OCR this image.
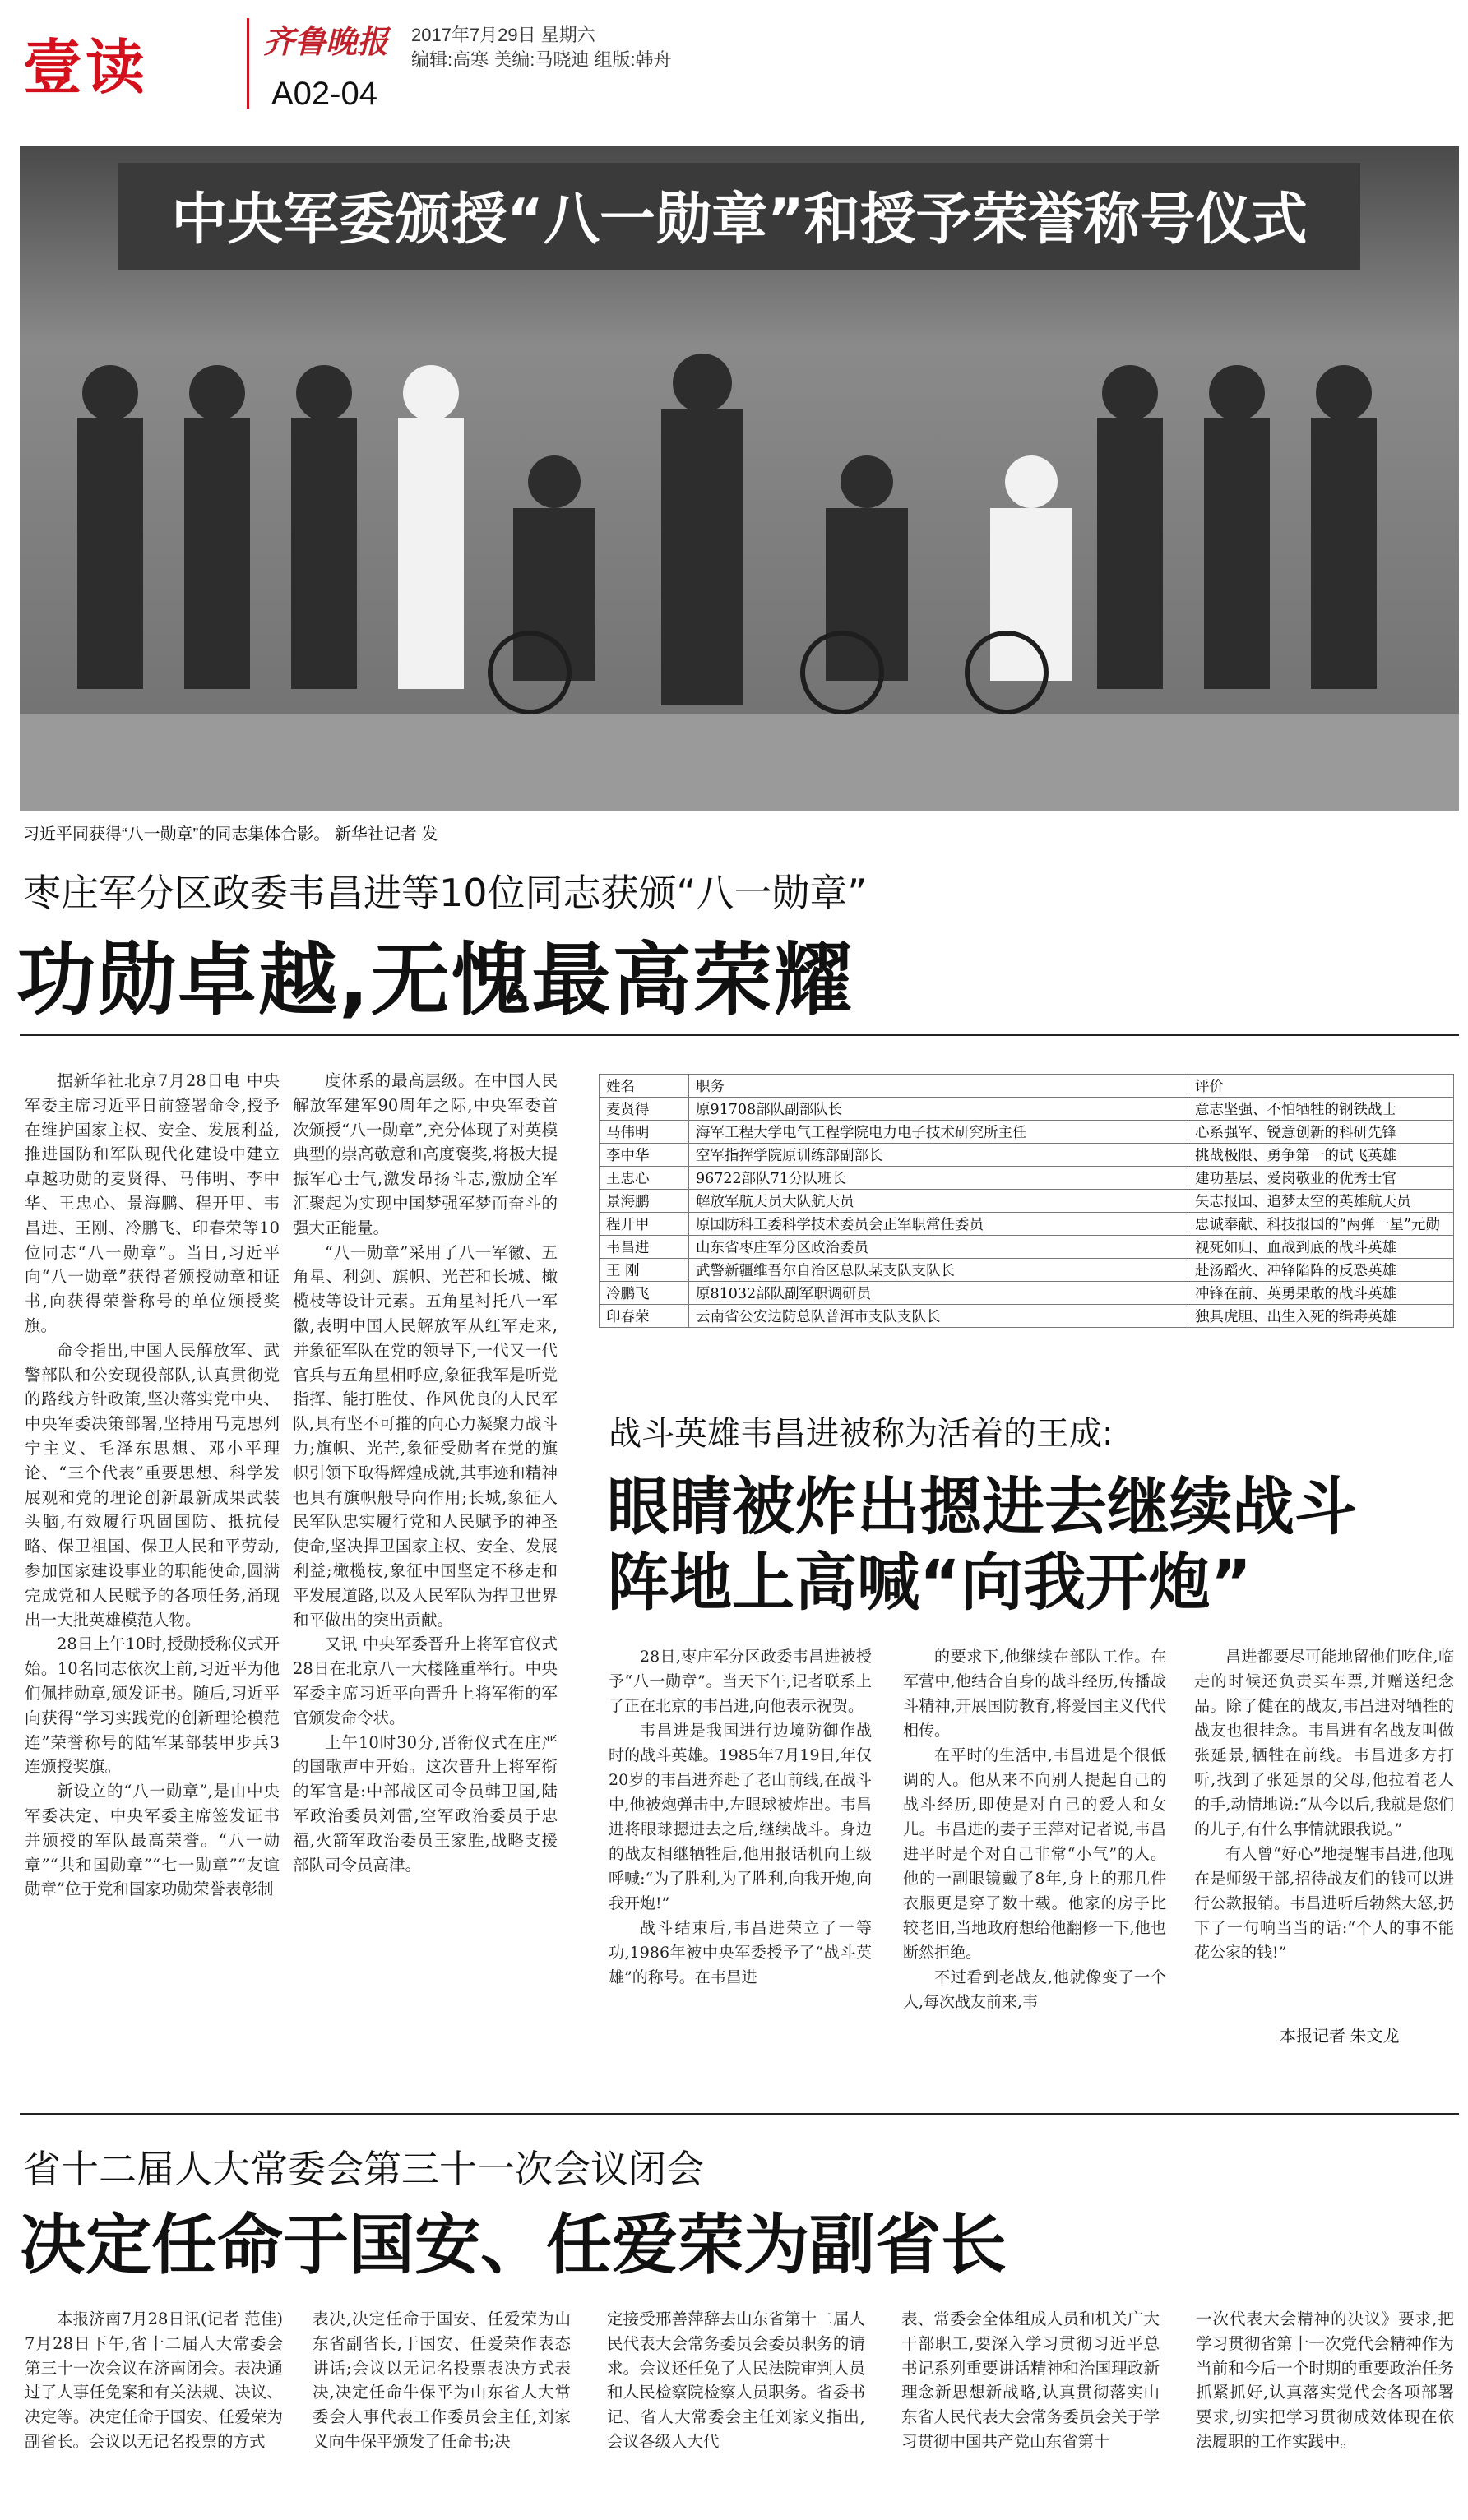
壹读	齐鲁晚报 2017年7月29日 星期六
编辑:高寒 美编:马晓迪 组版:韩舟
A02-04
中央军委颁授“八一勋章”和授予荣誉称号仪式
习近平同获得“八一勋章”的同志集体合影。 新华社记者 发
枣庄军分区政委韦昌进等10位同志获颁“八一勋章”
功勋卓越,无愧最高荣耀

据新华社北京7月28日电 中央军委主席习近平日前签署命令,授予在维护国家主权、安全、发展利益,推进国防和军队现代化建设中建立卓越功勋的麦贤得、马伟明、李中华、王忠心、景海鹏、程开甲、韦昌进、王刚、冷鹏飞、印春荣等10位同志“八一勋章”。当日,习近平向“八一勋章”获得者颁授勋章和证书,向获得荣誉称号的单位颁授奖旗。

命令指出,中国人民解放军、武警部队和公安现役部队,认真贯彻党的路线方针政策,坚决落实党中央、中央军委决策部署,坚持用马克思列宁主义、毛泽东思想、邓小平理论、“三个代表”重要思想、科学发展观和党的理论创新最新成果武装头脑,有效履行巩固国防、抵抗侵略、保卫祖国、保卫人民和平劳动,参加国家建设事业的职能使命,圆满完成党和人民赋予的各项任务,涌现出一大批英雄模范人物。

28日上午10时,授勋授称仪式开始。10名同志依次上前,习近平为他们佩挂勋章,颁发证书。随后,习近平向获得“学习实践党的创新理论模范连”荣誉称号的陆军某部装甲步兵3连颁授奖旗。

新设立的“八一勋章”,是由中央军委决定、中央军委主席签发证书并颁授的军队最高荣誉。“八一勋章”“共和国勋章”“七一勋章”“友谊勋章”位于党和国家功勋荣誉表彰制

度体系的最高层级。在中国人民解放军建军90周年之际,中央军委首次颁授“八一勋章”,充分体现了对英模典型的崇高敬意和高度褒奖,将极大提振军心士气,激发昂扬斗志,激励全军汇聚起为实现中国梦强军梦而奋斗的强大正能量。

“八一勋章”采用了八一军徽、五角星、利剑、旗帜、光芒和长城、橄榄枝等设计元素。五角星衬托八一军徽,表明中国人民解放军从红军走来,并象征军队在党的领导下,一代又一代官兵与五角星相呼应,象征我军是听党指挥、能打胜仗、作风优良的人民军队,具有坚不可摧的向心力凝聚力战斗力;旗帜、光芒,象征受勋者在党的旗帜引领下取得辉煌成就,其事迹和精神也具有旗帜般导向作用;长城,象征人民军队忠实履行党和人民赋予的神圣使命,坚决捍卫国家主权、安全、发展利益;橄榄枝,象征中国坚定不移走和平发展道路,以及人民军队为捍卫世界和平做出的突出贡献。

又讯 中央军委晋升上将军官仪式28日在北京八一大楼隆重举行。中央军委主席习近平向晋升上将军衔的军官颁发命令状。

上午10时30分,晋衔仪式在庄严的国歌声中开始。这次晋升上将军衔的军官是:中部战区司令员韩卫国,陆军政治委员刘雷,空军政治委员于忠福,火箭军政治委员王家胜,战略支援部队司令员高津。

姓名	职务	评价
麦贤得	原91708部队副部队长	意志坚强、不怕牺牲的钢铁战士
马伟明	海军工程大学电气工程学院电力电子技术研究所主任	心系强军、锐意创新的科研先锋
李中华	空军指挥学院原训练部副部长	挑战极限、勇争第一的试飞英雄
王忠心	96722部队71分队班长	建功基层、爱岗敬业的优秀士官
景海鹏	解放军航天员大队航天员	矢志报国、追梦太空的英雄航天员
程开甲	原国防科工委科学技术委员会正军职常任委员	忠诚奉献、科技报国的“两弹一星”元勋
韦昌进	山东省枣庄军分区政治委员	视死如归、血战到底的战斗英雄
王 刚	武警新疆维吾尔自治区总队某支队支队长	赴汤蹈火、冲锋陷阵的反恐英雄
冷鹏飞	原81032部队副军职调研员	冲锋在前、英勇果敢的战斗英雄
印春荣	云南省公安边防总队普洱市支队支队长	独具虎胆、出生入死的缉毒英雄
战斗英雄韦昌进被称为活着的王成:
眼睛被炸出摁进去继续战斗
阵地上高喊“向我开炮”

28日,枣庄军分区政委韦昌进被授予“八一勋章”。当天下午,记者联系上了正在北京的韦昌进,向他表示祝贺。

韦昌进是我国进行边境防御作战时的战斗英雄。1985年7月19日,年仅20岁的韦昌进奔赴了老山前线,在战斗中,他被炮弹击中,左眼球被炸出。韦昌进将眼球摁进去之后,继续战斗。身边的战友相继牺牲后,他用报话机向上级呼喊:“为了胜利,为了胜利,向我开炮,向我开炮!”

战斗结束后,韦昌进荣立了一等功,1986年被中央军委授予了“战斗英雄”的称号。在韦昌进

的要求下,他继续在部队工作。在军营中,他结合自身的战斗经历,传播战斗精神,开展国防教育,将爱国主义代代相传。

在平时的生活中,韦昌进是个很低调的人。他从来不向别人提起自己的战斗经历,即使是对自己的爱人和女儿。韦昌进的妻子王萍对记者说,韦昌进平时是个对自己非常“小气”的人。他的一副眼镜戴了8年,身上的那几件衣服更是穿了数十载。他家的房子比较老旧,当地政府想给他翻修一下,他也断然拒绝。

不过看到老战友,他就像变了一个人,每次战友前来,韦

昌进都要尽可能地留他们吃住,临走的时候还负责买车票,并赠送纪念品。除了健在的战友,韦昌进对牺牲的战友也很挂念。韦昌进有名战友叫做张延景,牺牲在前线。韦昌进多方打听,找到了张延景的父母,他拉着老人的手,动情地说:“从今以后,我就是您们的儿子,有什么事情就跟我说。”

有人曾“好心”地提醒韦昌进,他现在是师级干部,招待战友们的钱可以进行公款报销。韦昌进听后勃然大怒,扔下了一句响当当的话:“个人的事不能花公家的钱!”

本报记者 朱文龙
省十二届人大常委会第三十一次会议闭会
决定任命于国安、任爱荣为副省长

本报济南7月28日讯(记者 范佳) 7月28日下午,省十二届人大常委会第三十一次会议在济南闭会。表决通过了人事任免案和有关法规、决议、决定等。决定任命于国安、任爱荣为副省长。会议以无记名投票的方式

表决,决定任命于国安、任爱荣为山东省副省长,于国安、任爱荣作表态讲话;会议以无记名投票表决方式表决,决定任命牛保平为山东省人大常委会人事代表工作委员会主任,刘家义向牛保平颁发了任命书;决

定接受邢善萍辞去山东省第十二届人民代表大会常务委员会委员职务的请求。会议还任免了人民法院审判人员和人民检察院检察人员职务。省委书记、省人大常委会主任刘家义指出,会议各级人大代

表、常委会全体组成人员和机关广大干部职工,要深入学习贯彻习近平总书记系列重要讲话精神和治国理政新理念新思想新战略,认真贯彻落实山东省人民代表大会常务委员会关于学习贯彻中国共产党山东省第十

一次代表大会精神的决议》要求,把学习贯彻省第十一次党代会精神作为当前和今后一个时期的重要政治任务抓紧抓好,认真落实党代会各项部署要求,切实把学习贯彻成效体现在依法履职的工作实践中。
